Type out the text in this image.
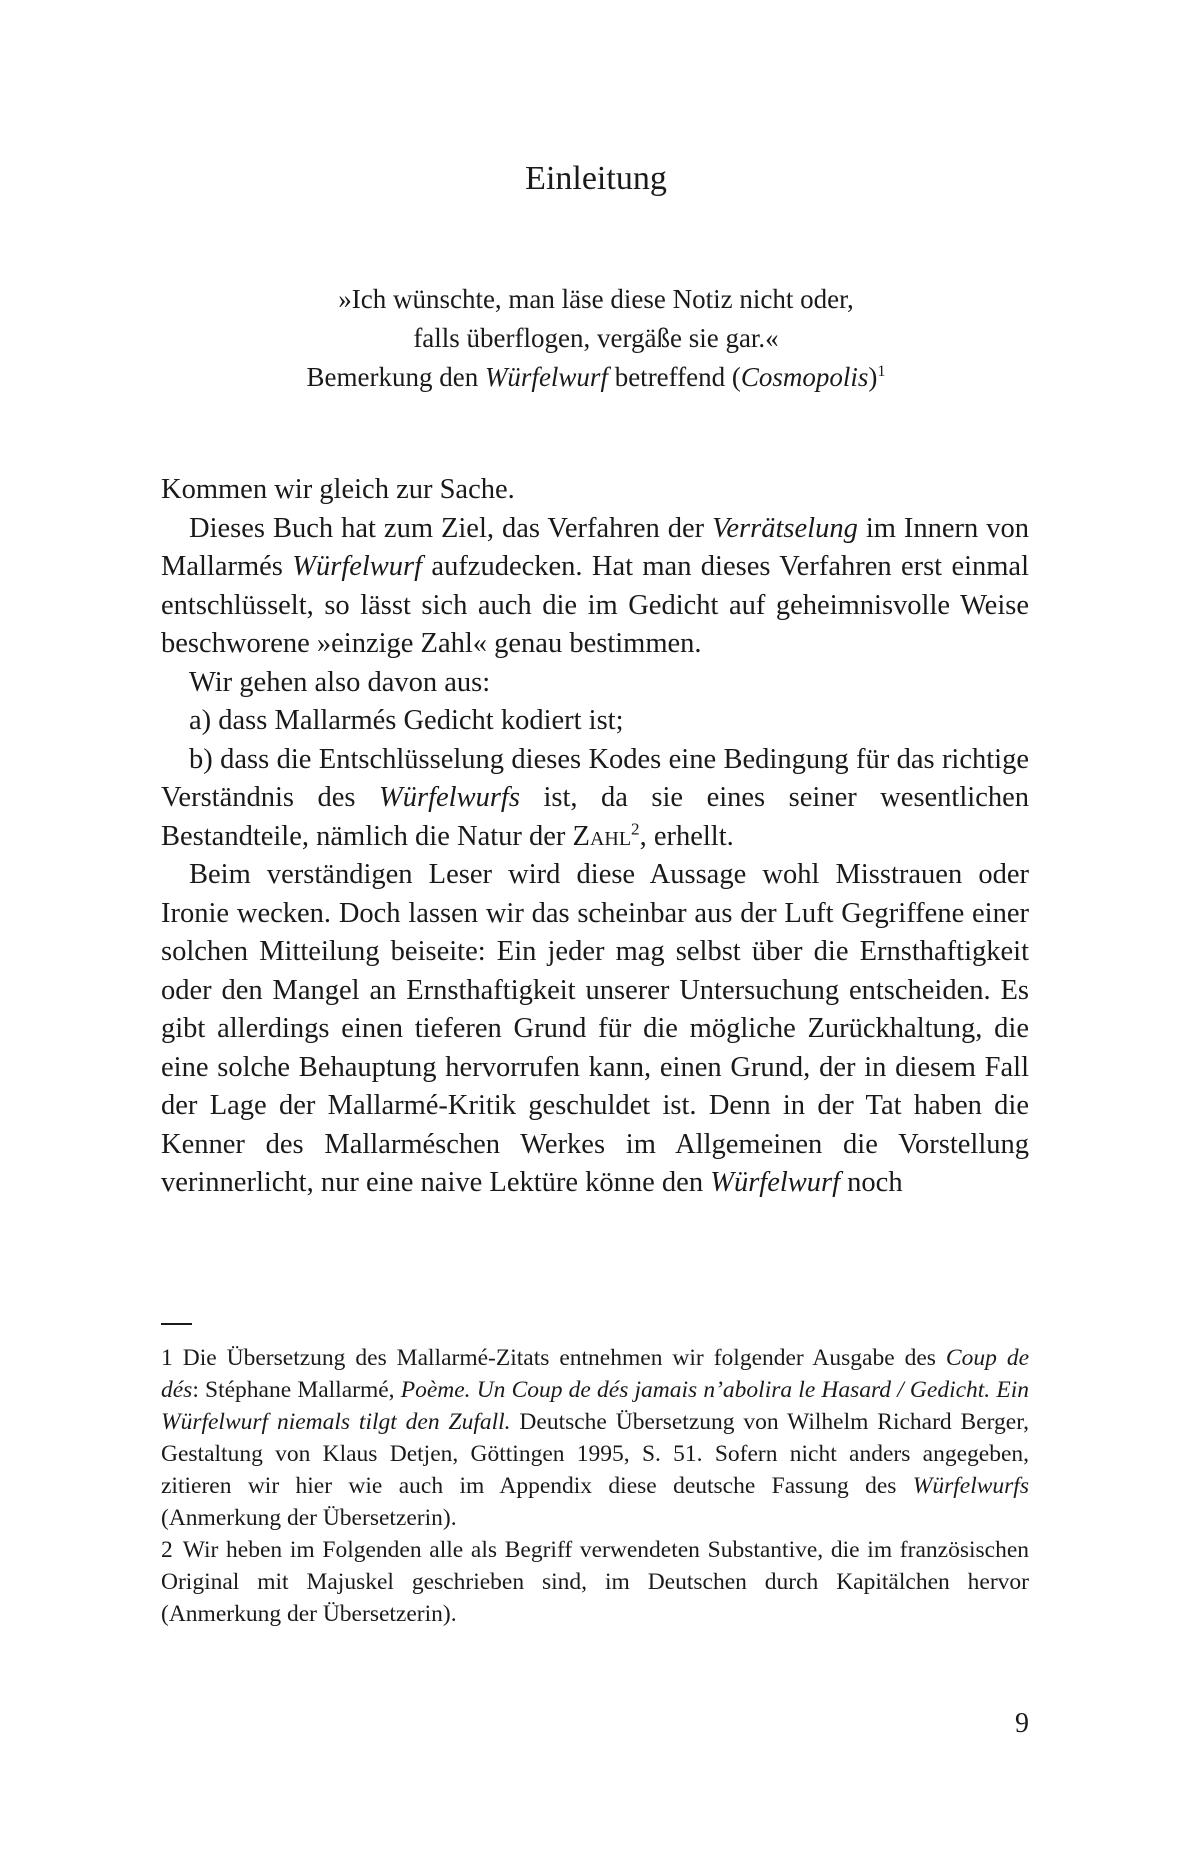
Einleitung
»Ich wünschte, man läse diese Notiz nicht oder,
falls überflogen, vergäße sie gar.«
Bemerkung den Würfelwurf betreffend (Cosmopolis)$^1$

Kommen wir gleich zur Sache.

Dieses Buch hat zum Ziel, das Verfahren der Verrätselung im Innern von Mallarmés Würfelwurf aufzudecken. Hat man dieses Verfahren erst einmal entschlüsselt, so lässt sich auch die im Gedicht auf geheimnisvolle Weise beschworene »einzige Zahl« genau bestimmen.

Wir gehen also davon aus:

a) dass Mallarmés Gedicht kodiert ist;

b) dass die Entschlüsselung dieses Kodes eine Bedingung für das richtige Verständnis des Würfelwurfs ist, da sie eines seiner wesentlichen Bestandteile, nämlich die Natur der Zahl$^2$, erhellt.

Beim verständigen Leser wird diese Aussage wohl Misstrauen oder Ironie wecken. Doch lassen wir das scheinbar aus der Luft Gegriffene einer solchen Mitteilung beiseite: Ein jeder mag selbst über die Ernsthaftigkeit oder den Mangel an Ernsthaftigkeit unserer Untersuchung entscheiden. Es gibt allerdings einen tieferen Grund für die mögliche Zurückhaltung, die eine solche Behauptung hervorrufen kann, einen Grund, der in diesem Fall der Lage der Mallarmé-Kritik geschuldet ist. Denn in der Tat haben die Kenner des Mallarméschen Werkes im Allgemeinen die Vorstellung verinnerlicht, nur eine naive Lektüre könne den Würfelwurf noch

1 Die Übersetzung des Mallarmé-Zitats entnehmen wir folgender Ausgabe des Coup de dés: Stéphane Mallarmé, Poème. Un Coup de dés jamais n’abolira le Hasard / Gedicht. Ein Würfelwurf niemals tilgt den Zufall. Deutsche Übersetzung von Wilhelm Richard Berger, Gestaltung von Klaus Detjen, Göttingen 1995, S. 51. Sofern nicht anders angegeben, zitieren wir hier wie auch im Appendix diese deutsche Fassung des Würfelwurfs (Anmerkung der Übersetzerin).

2 Wir heben im Folgenden alle als Begriff verwendeten Substantive, die im französischen Original mit Majuskel geschrieben sind, im Deutschen durch Kapitälchen hervor (Anmerkung der Übersetzerin).

9
